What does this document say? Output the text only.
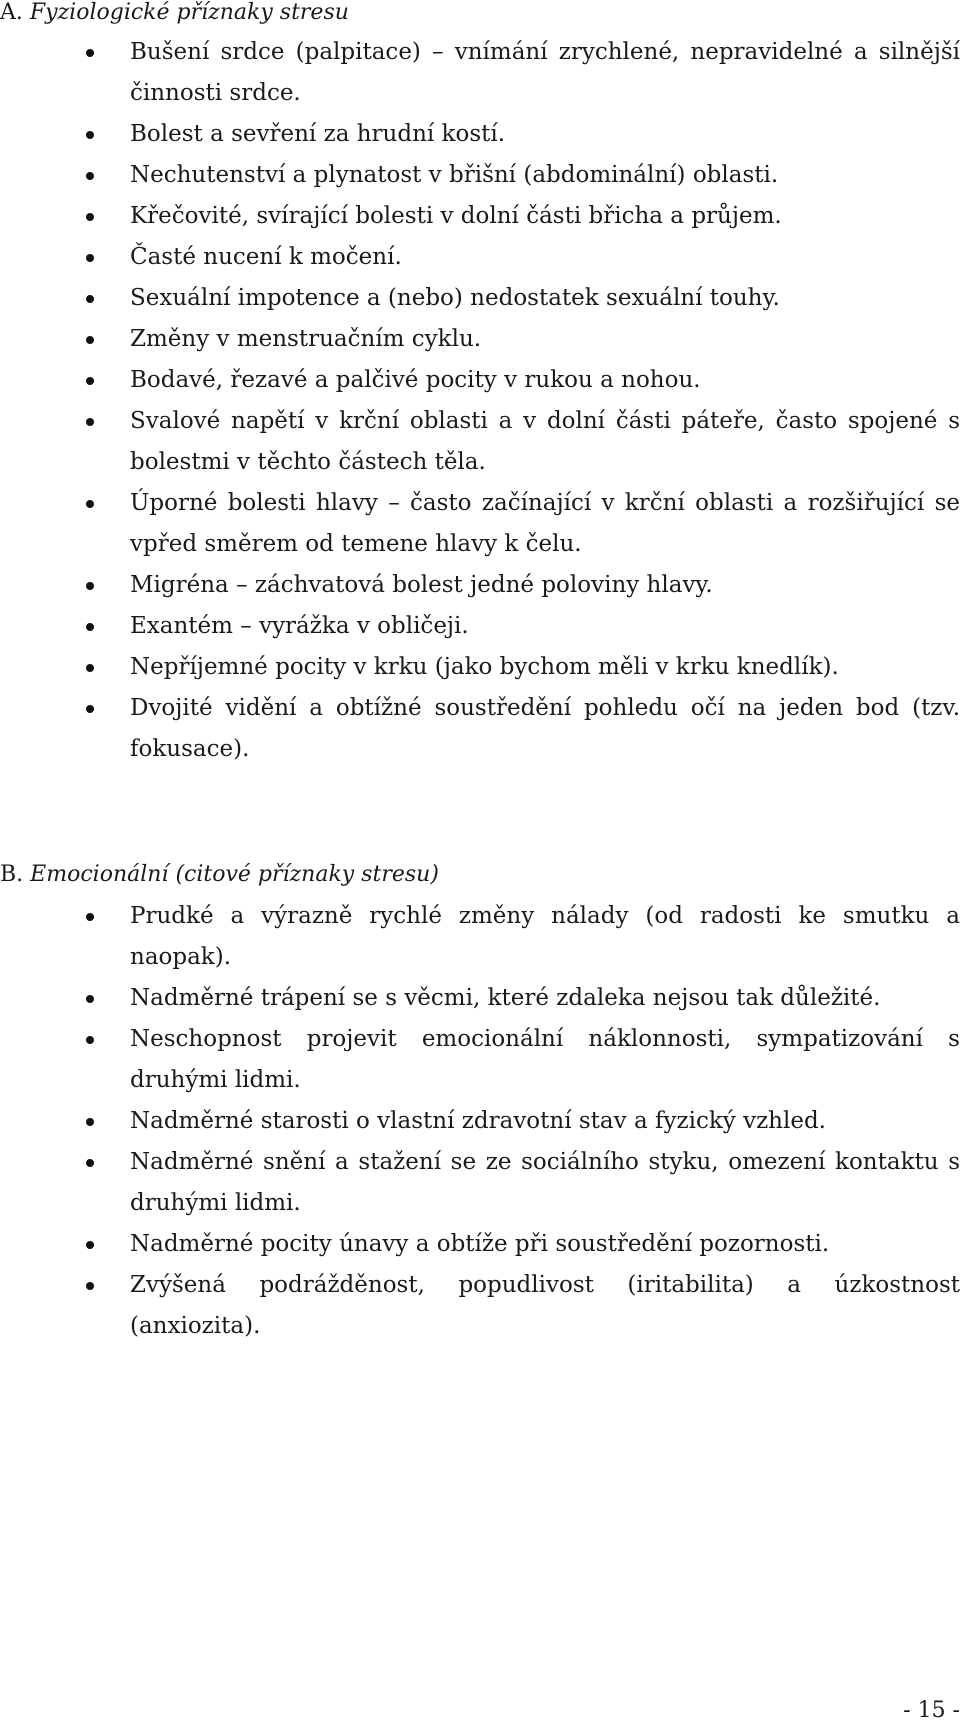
A. Fyziologické příznaky stresu
Bušení srdce (palpitace) – vnímání zrychlené, nepravidelné a silnější činnosti srdce.
Bolest a sevření za hrudní kostí.
Nechutenství a plynatost v břišní (abdominální) oblasti.
Křečovité, svírající bolesti v dolní části břicha a průjem.
Časté nucení k močení.
Sexuální impotence a (nebo) nedostatek sexuální touhy.
Změny v menstruačním cyklu.
Bodavé, řezavé a palčivé pocity v rukou a nohou.
Svalové napětí v krční oblasti a v dolní části páteře, často spojené s bolestmi v těchto částech těla.
Úporné bolesti hlavy – často začínající v krční oblasti a rozšiřující se vpřed směrem od temene hlavy k čelu.
Migréna – záchvatová bolest jedné poloviny hlavy.
Exantém – vyrážka v obličeji.
Nepříjemné pocity v krku (jako bychom měli v krku knedlík).
Dvojité vidění a obtížné soustředění pohledu očí na jeden bod (tzv. fokusace).
B. Emocionální (citové příznaky stresu)
Prudké a výrazně rychlé změny nálady (od radosti ke smutku a naopak).
Nadměrné trápení se s věcmi, které zdaleka nejsou tak důležité.
Neschopnost projevit emocionální náklonnosti, sympatizování s druhými lidmi.
Nadměrné starosti o vlastní zdravotní stav a fyzický vzhled.
Nadměrné snění a stažení se ze sociálního styku, omezení kontaktu s druhými lidmi.
Nadměrné pocity únavy a obtíže při soustředění pozornosti.
Zvýšená podrážděnost, popudlivost (iritabilita) a úzkostnost (anxiozita).
- 15 -
